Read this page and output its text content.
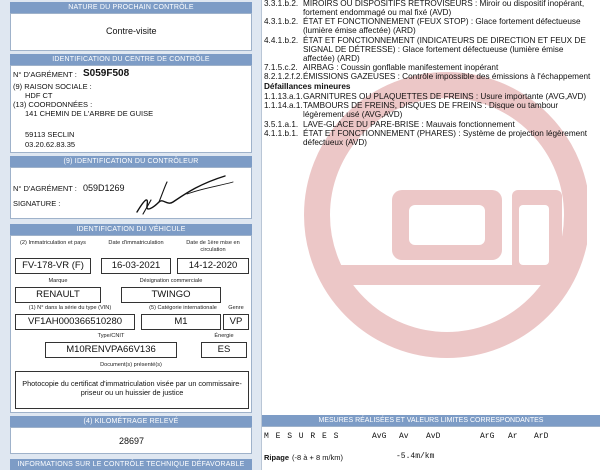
NATURE DU PROCHAIN CONTRÔLE
Contre-visite
IDENTIFICATION DU CENTRE DE CONTRÔLE
N° D'AGRÉMENT : S059F508
(9) RAISON SOCIALE :
HDF CT
(13) COORDONNÉES :
141 CHEMIN DE L'ARBRE DE GUISE
59113 SECLIN
03.20.62.83.35
(9) IDENTIFICATION DU CONTRÔLEUR
N° D'AGRÉMENT : 059D1269
SIGNATURE :
IDENTIFICATION DU VÉHICULE
(2) Immatriculation et pays	Date d'immatriculation	Date de 1ère mise en circulation
FV-178-VR (F)	16-03-2021	14-12-2020
Marque	Désignation commerciale
RENAULT	TWINGO
(1) N° dans la série du type (VIN)	(5) Catégorie internationale	Genre
VF1AH000366510280	M1	VP
Type/CNIT	Énergie
M10RENVPA66V136	ES
Document(s) présenté(s)
Photocopie du certificat d'immatriculation visée par un commissaire-priseur ou un huissier de justice
(4) KILOMÉTRAGE RELEVÉ
28697
INFORMATIONS SUR LE CONTRÔLE TECHNIQUE DÉFAVORABLE
3.3.1.b.2. MIROIRS OU DISPOSITIFS RÉTROVISEURS : Miroir ou dispositif inopérant,
fortement endommagé ou mal fixé (AVD)
4.3.1.b.2. ÉTAT ET FONCTIONNEMENT (FEUX STOP) : Glace fortement défectueuse
(lumière émise affectée) (ARD)
4.4.1.b.2. ÉTAT ET FONCTIONNEMENT (INDICATEURS DE DIRECTION ET FEUX DE
SIGNAL DE DÉTRESSE) : Glace fortement défectueuse (lumière émise
affectée) (ARD)
7.1.5.c.2. AIRBAG : Coussin gonflable manifestement inopérant
8.2.1.2.f.2. ÉMISSIONS GAZEUSES : Contrôle impossible des émissions à l'échappement
Défaillances mineures
1.1.13.a.1. GARNITURES OU PLAQUETTES DE FREINS : Usure importante (AVG,AVD)
1.1.14.a.1. TAMBOURS DE FREINS, DISQUES DE FREINS : Disque ou tambour
légèrement usé (AVG,AVD)
3.5.1.a.1. LAVE-GLACE DU PARE-BRISE : Mauvais fonctionnement
4.1.1.b.1. ÉTAT ET FONCTIONNEMENT (PHARES) : Système de projection légèrement
défectueux (AVD)
MESURES RÉALISÉES ET VALEURS LIMITES CORRESPONDANTES
M E S U R E S	AvG Av AvD	ArG Ar ArD
Ripage (-8 à + 8 m/km)	-5.4m/km
